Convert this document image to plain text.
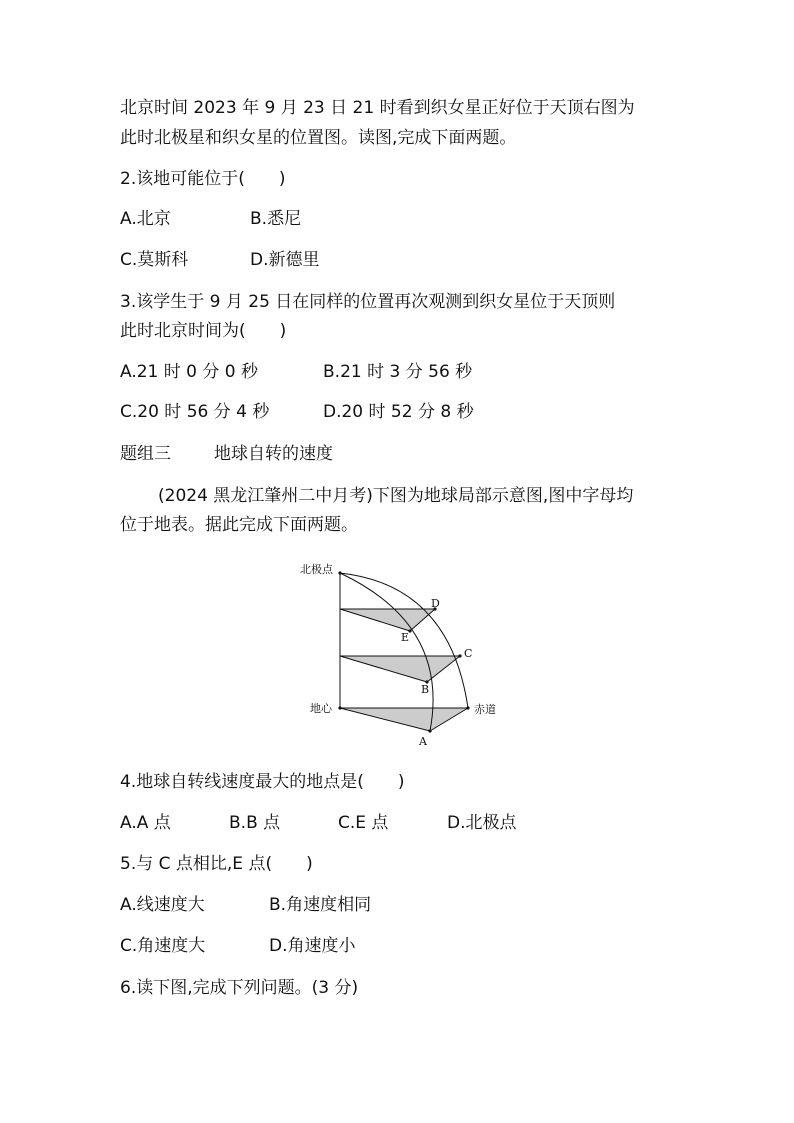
北京时间 2023 年 9 月 23 日 21 时看到织女星正好位于天顶右图为
此时北极星和织女星的位置图。读图,完成下面两题。
2.该地可能位于(　　)
A.北京	B.悉尼
C.莫斯科	D.新德里
3.该学生于 9 月 25 日在同样的位置再次观测到织女星位于天顶则
此时北京时间为(　　)
A.21 时 0 分 0 秒	B.21 时 3 分 56 秒
C.20 时 56 分 4 秒	D.20 时 52 分 8 秒
题组三	地球自转的速度
(2024 黑龙江肇州二中月考)下图为地球局部示意图,图中字母均
位于地表。据此完成下面两题。
北极点
地心	赤道
D
E
C
B
A
4.地球自转线速度最大的地点是(　　)
A.A 点	B.B 点	C.E 点	D.北极点
5.与 C 点相比,E 点(　　)
A.线速度大	B.角速度相同
C.角速度大	D.角速度小
6.读下图,完成下列问题。(3 分)
